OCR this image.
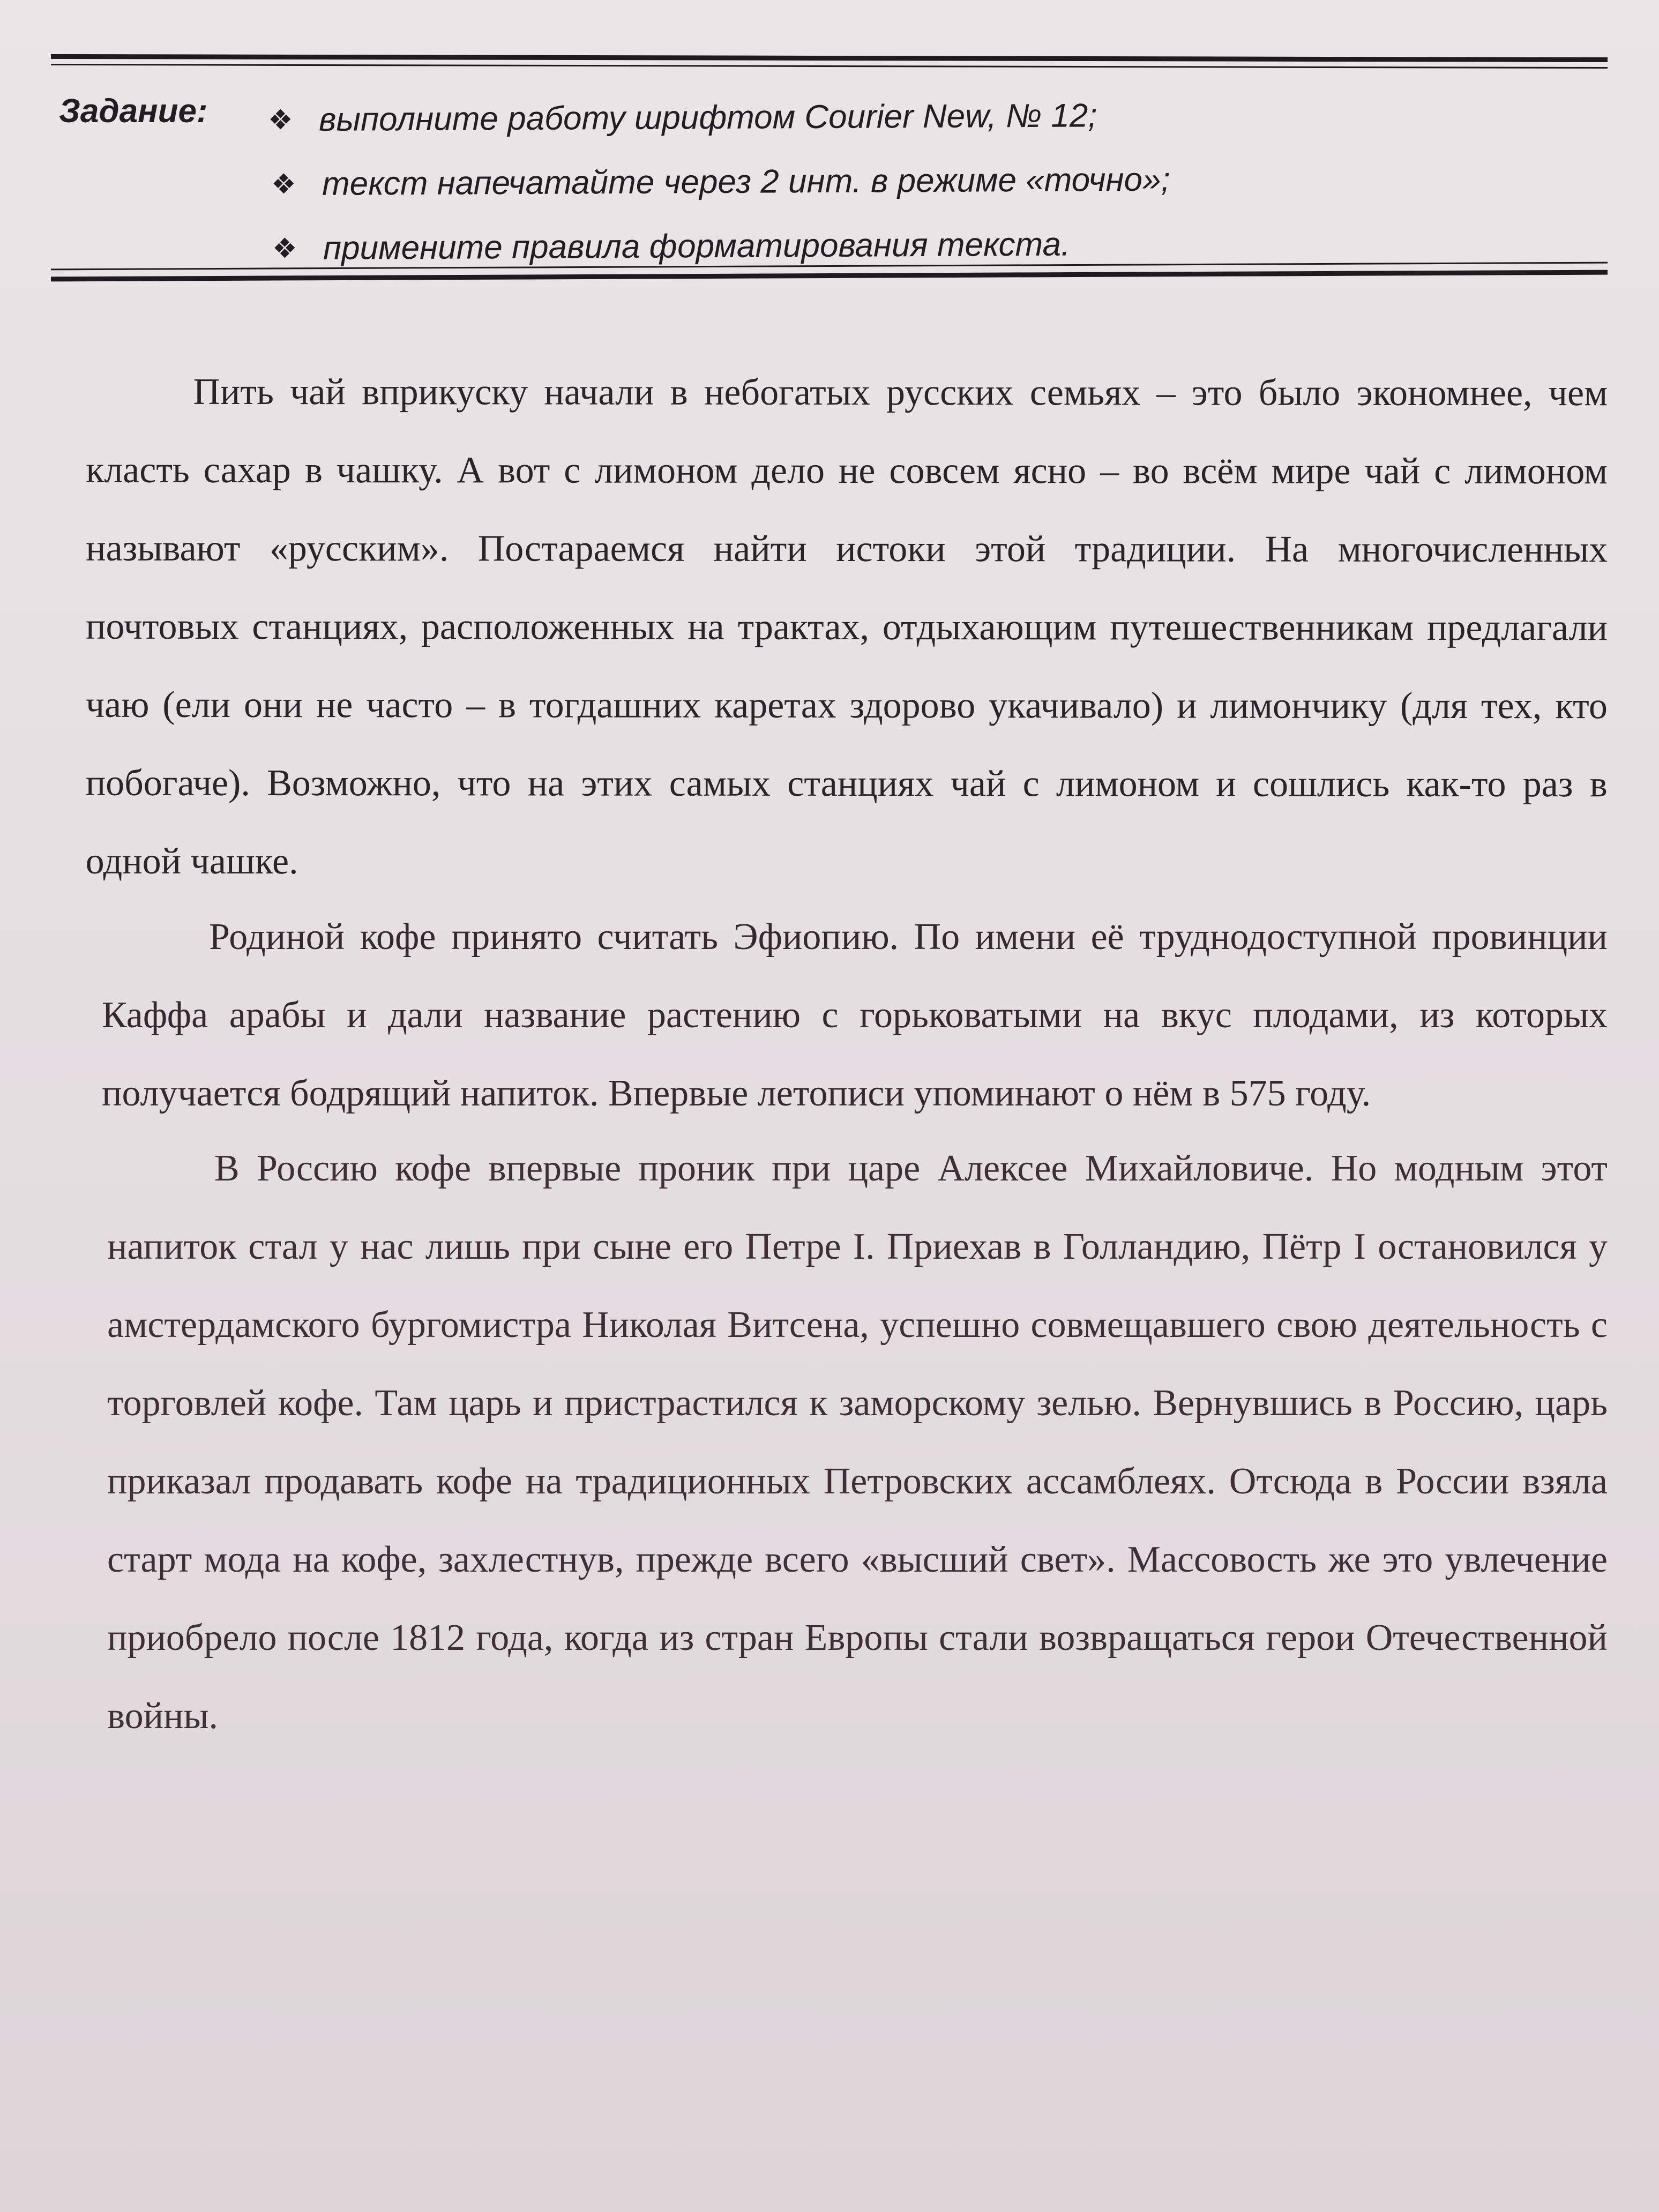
Задание: ❖ выполните работу шрифтом Courier New, № 12;
❖ текст напечатайте через 2 инт. в режиме «точно»;
❖ примените правила форматирования текста.

Пить чай вприкуску начали в небогатых русских семьях – это было экономнее, чем класть сахар в чашку. А вот с лимоном дело не совсем ясно – во всём мире чай с лимоном называют «русским». Постараемся найти истоки этой традиции. На многочисленных почтовых станциях, расположенных на трактах, отдыхающим путешественникам предлагали чаю (ели они не часто – в тогдашних каретах здорово укачивало) и лимончику (для тех, кто побогаче). Возможно, что на этих самых станциях чай с лимоном и сошлись как-то раз в одной чашке.

Родиной кофе принято считать Эфиопию. По имени её труднодоступной провинции Каффа арабы и дали название растению с горьковатыми на вкус плодами, из которых получается бодрящий напиток. Впервые летописи упоминают о нём в 575 году.

В Россию кофе впервые проник при царе Алексее Михайловиче. Но модным этот напиток стал у нас лишь при сыне его Петре I. Приехав в Голландию, Пётр I остановился у амстердамского бургомистра Николая Витсена, успешно совмещавшего свою деятельность с торговлей кофе. Там царь и пристрастился к заморскому зелью. Вернувшись в Россию, царь приказал продавать кофе на традиционных Петровских ассамблеях. Отсюда в России взяла старт мода на кофе, захлестнув, прежде всего «высший свет». Массовость же это увлечение приобрело после 1812 года, когда из стран Европы стали возвращаться герои Отечественной войны.
